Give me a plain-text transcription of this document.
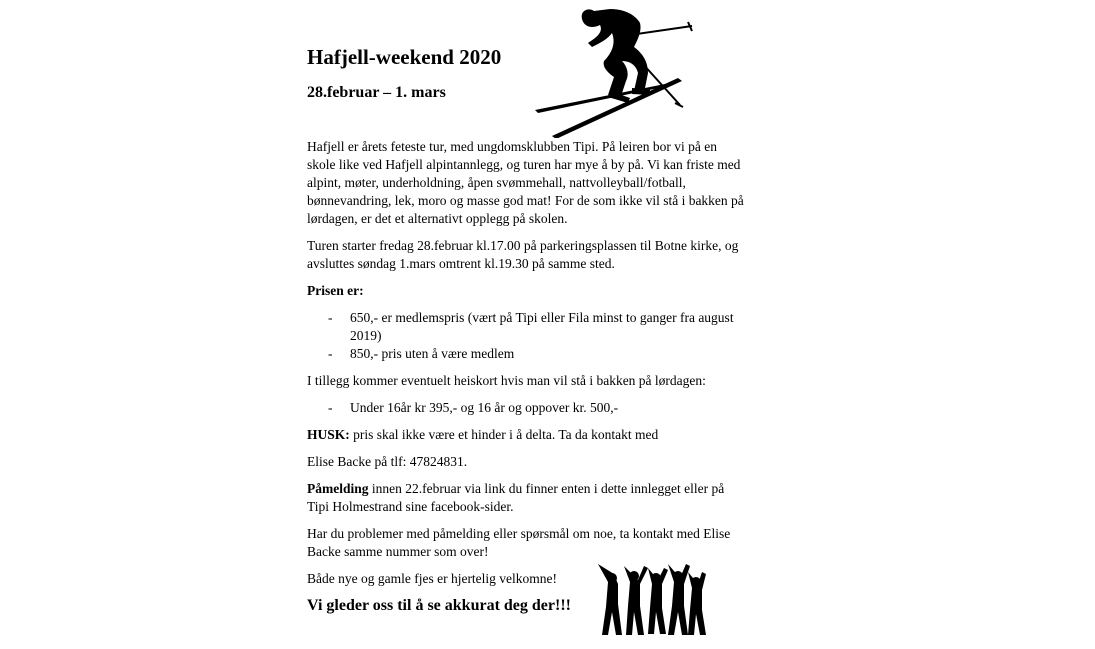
Hafjell-weekend 2020
28.februar – 1. mars

Hafjell er årets feteste tur, med ungdomsklubben Tipi. På leiren bor vi på en skole like ved Hafjell alpintannlegg, og turen har mye å by på. Vi kan friste med alpint, møter, underholdning, åpen svømmehall, nattvolleyball/fotball, bønnevandring, lek, moro og masse god mat! For de som ikke vil stå i bakken på lørdagen, er det et alternativt opplegg på skolen.

Turen starter fredag 28.februar kl.17.00 på parkeringsplassen til Botne kirke, og avsluttes søndag 1.mars omtrent kl.19.30 på samme sted.

Prisen er:

- 650,- er medlemspris (vært på Tipi eller Fila minst to ganger fra august 2019)
- 850,- pris uten å være medlem

I tillegg kommer eventuelt heiskort hvis man vil stå i bakken på lørdagen:

- Under 16år kr 395,- og 16 år og oppover kr. 500,-

HUSK: pris skal ikke være et hinder i å delta. Ta da kontakt med

Elise Backe på tlf: 47824831.

Påmelding innen 22.februar via link du finner enten i dette innlegget eller på Tipi Holmestrand sine facebook-sider.

Har du problemer med påmelding eller spørsmål om noe, ta kontakt med Elise Backe samme nummer som over!

Både nye og gamle fjes er hjertelig velkomne!

Vi gleder oss til å se akkurat deg der!!!
